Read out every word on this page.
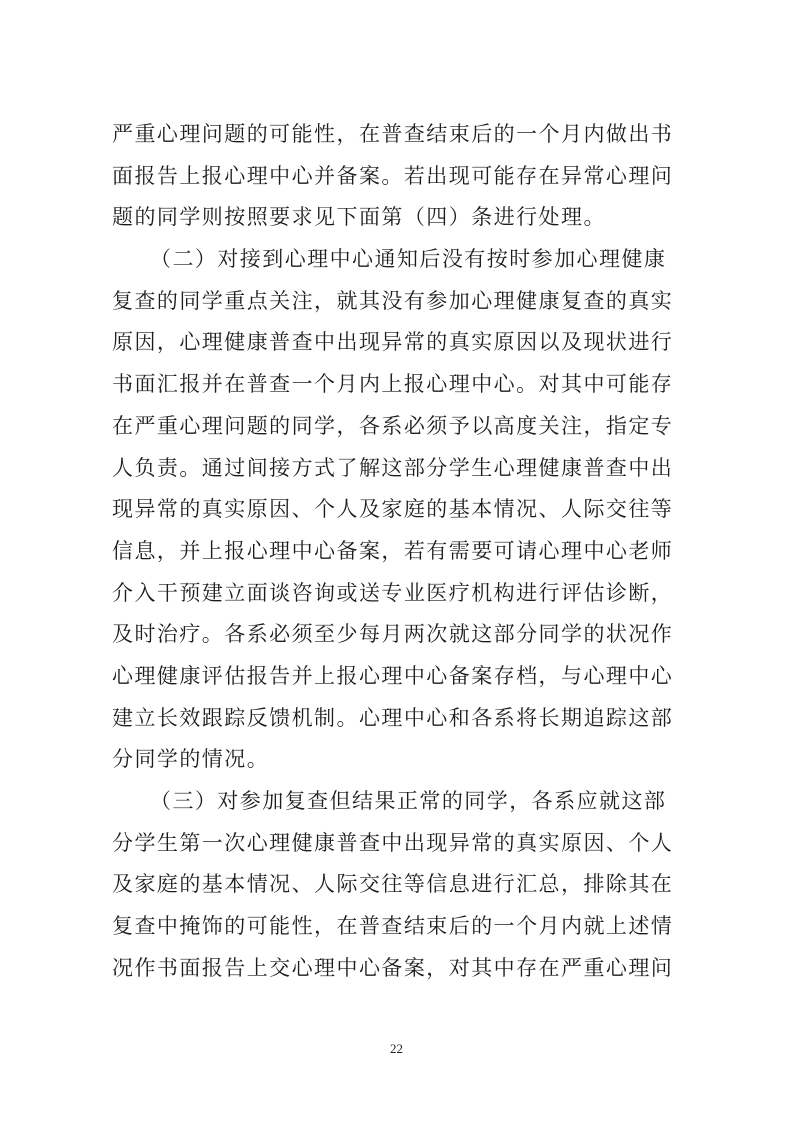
严重心理问题的可能性，在普查结束后的一个月内做出书
面报告上报心理中心并备案。若出现可能存在异常心理问
题的同学则按照要求见下面第（四）条进行处理。
（二）对接到心理中心通知后没有按时参加心理健康
复查的同学重点关注，就其没有参加心理健康复查的真实
原因，心理健康普查中出现异常的真实原因以及现状进行
书面汇报并在普查一个月内上报心理中心。对其中可能存
在严重心理问题的同学，各系必须予以高度关注，指定专
人负责。通过间接方式了解这部分学生心理健康普查中出
现异常的真实原因、个人及家庭的基本情况、人际交往等
信息，并上报心理中心备案，若有需要可请心理中心老师
介入干预建立面谈咨询或送专业医疗机构进行评估诊断，
及时治疗。各系必须至少每月两次就这部分同学的状况作
心理健康评估报告并上报心理中心备案存档，与心理中心
建立长效跟踪反馈机制。心理中心和各系将长期追踪这部
分同学的情况。
（三）对参加复查但结果正常的同学，各系应就这部
分学生第一次心理健康普查中出现异常的真实原因、个人
及家庭的基本情况、人际交往等信息进行汇总，排除其在
复查中掩饰的可能性，在普查结束后的一个月内就上述情
况作书面报告上交心理中心备案，对其中存在严重心理问
22
